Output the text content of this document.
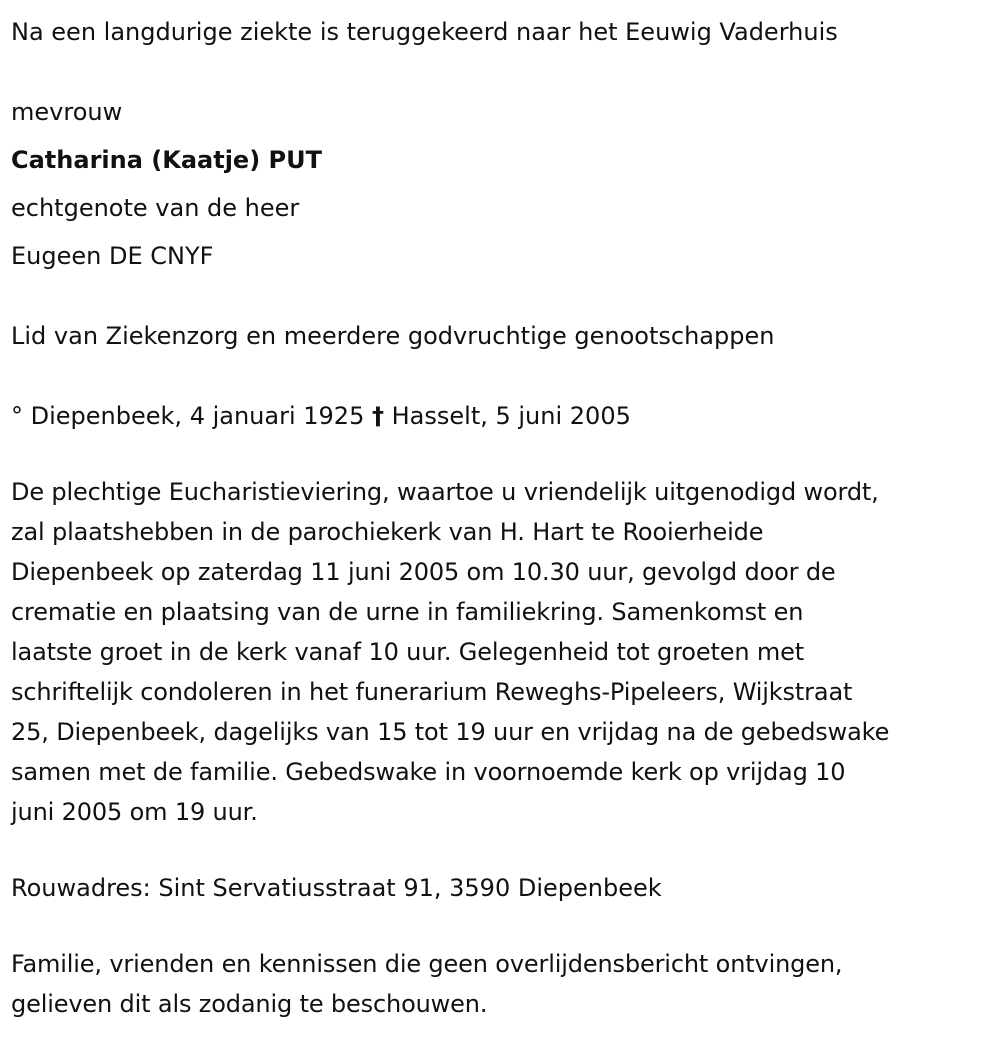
Na een langdurige ziekte is teruggekeerd naar het Eeuwig Vaderhuis

mevrouw

Catharina (Kaatje) PUT

echtgenote van de heer

Eugeen DE CNYF

Lid van Ziekenzorg en meerdere godvruchtige genootschappen

° Diepenbeek, 4 januari 1925 † Hasselt, 5 juni 2005

De plechtige Eucharistieviering, waartoe u vriendelijk uitgenodigd wordt,
zal plaatshebben in de parochiekerk van H. Hart te Rooierheide
Diepenbeek op zaterdag 11 juni 2005 om 10.30 uur, gevolgd door de
crematie en plaatsing van de urne in familiekring. Samenkomst en
laatste groet in de kerk vanaf 10 uur. Gelegenheid tot groeten met
schriftelijk condoleren in het funerarium Reweghs-Pipeleers, Wijkstraat
25, Diepenbeek, dagelijks van 15 tot 19 uur en vrijdag na de gebedswake
samen met de familie. Gebedswake in voornoemde kerk op vrijdag 10
juni 2005 om 19 uur.

Rouwadres: Sint Servatiusstraat 91, 3590 Diepenbeek

Familie, vrienden en kennissen die geen overlijdensbericht ontvingen,
gelieven dit als zodanig te beschouwen.
